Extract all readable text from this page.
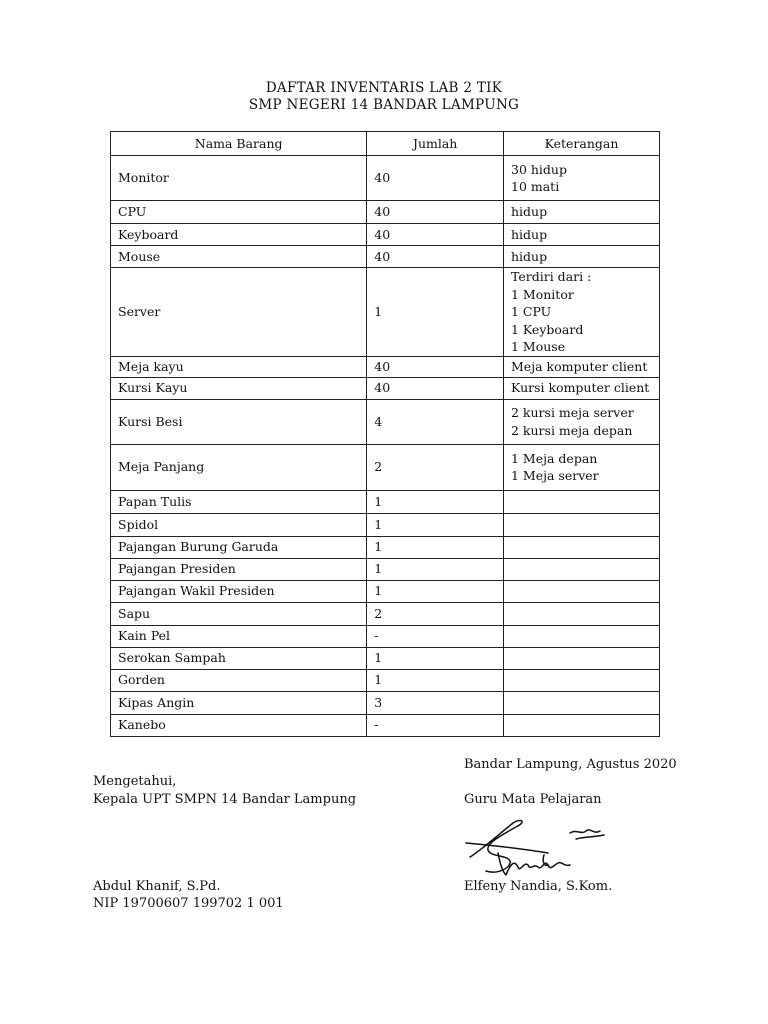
DAFTAR INVENTARIS LAB 2 TIK
SMP NEGERI 14 BANDAR LAMPUNG
Nama Barang	Jumlah	Keterangan
Monitor	40	30 hidup
10 mati

CPU	40	hidup

Keyboard	40	hidup

Mouse	40	hidup

Server	1	Terdiri dari :
1 Monitor
1 CPU
1 Keyboard
1 Mouse

Meja kayu	40	Meja komputer client

Kursi Kayu	40	Kursi komputer client

Kursi Besi	4	2 kursi meja server
2 kursi meja depan

Meja Panjang	2	1 Meja depan
1 Meja server

Papan Tulis	1	
Spidol	1	
Pajangan Burung Garuda	1	
Pajangan Presiden	1	
Pajangan Wakil Presiden	1	
Sapu	2	
Kain Pel	-	
Serokan Sampah	1	
Gorden	1	
Kipas Angin	3	
Kanebo	-	
Bandar Lampung, Agustus 2020
Mengetahui,
Kepala UPT SMPN 14 Bandar Lampung	Guru Mata Pelajaran
Abdul Khanif, S.Pd.	Elfeny Nandia, S.Kom.
NIP 19700607 199702 1 001
